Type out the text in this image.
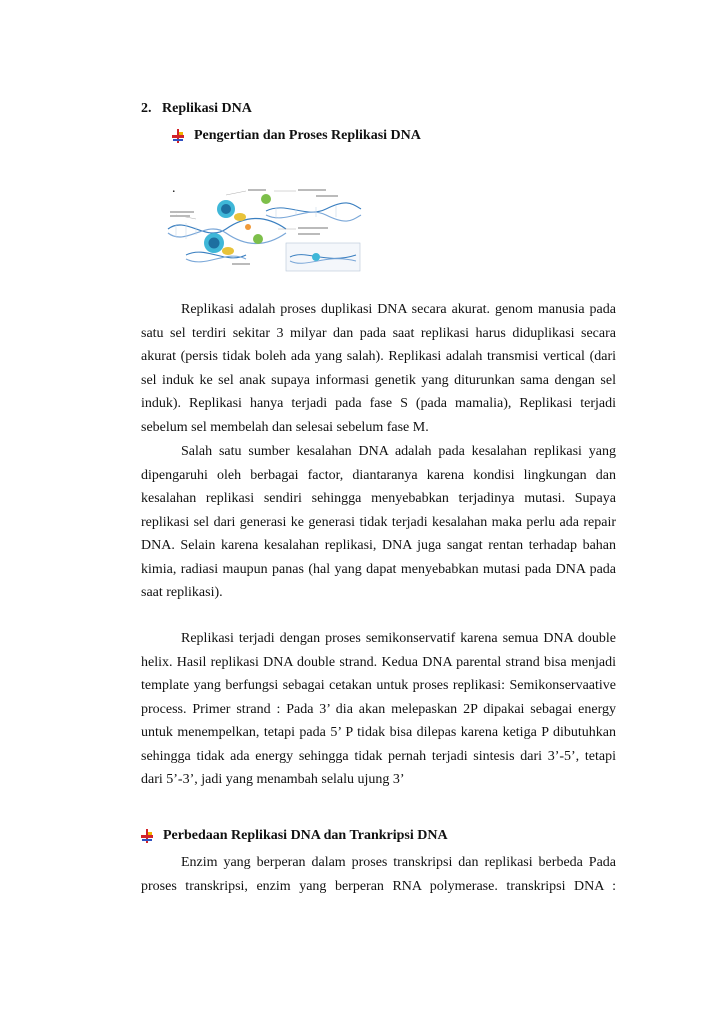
2. Replikasi DNA
Pengertian dan Proses Replikasi DNA
.

Replikasi adalah proses duplikasi DNA secara akurat. genom manusia pada satu sel terdiri sekitar 3 milyar dan pada saat replikasi harus diduplikasi secara akurat (persis tidak boleh ada yang salah). Replikasi adalah transmisi vertical (dari sel induk ke sel anak supaya informasi genetik yang diturunkan sama dengan sel induk). Replikasi hanya terjadi pada fase S (pada mamalia), Replikasi terjadi sebelum sel membelah dan selesai sebelum fase M.

Salah satu sumber kesalahan DNA adalah pada kesalahan replikasi yang dipengaruhi oleh berbagai factor, diantaranya karena kondisi lingkungan dan kesalahan replikasi sendiri sehingga menyebabkan terjadinya mutasi. Supaya replikasi sel dari generasi ke generasi tidak terjadi kesalahan maka perlu ada repair DNA. Selain karena kesalahan replikasi, DNA juga sangat rentan terhadap bahan kimia, radiasi maupun panas (hal yang dapat menyebabkan mutasi pada DNA pada saat replikasi).

Replikasi terjadi dengan proses semikonservatif karena semua DNA double helix. Hasil replikasi DNA double strand. Kedua DNA parental strand bisa menjadi template yang berfungsi sebagai cetakan untuk proses replikasi: Semikonservaative process. Primer strand : Pada 3’ dia akan melepaskan 2P dipakai sebagai energy untuk menempelkan, tetapi pada 5’ P tidak bisa dilepas karena ketiga P dibutuhkan sehingga tidak ada energy sehingga tidak pernah terjadi sintesis dari 3’-5’, tetapi dari 5’-3’, jadi yang menambah selalu ujung 3’

Perbedaan Replikasi DNA dan Trankripsi DNA

Enzim yang berperan dalam proses transkripsi dan replikasi berbeda Pada proses transkripsi, enzim yang berperan RNA polymerase. transkripsi DNA :
